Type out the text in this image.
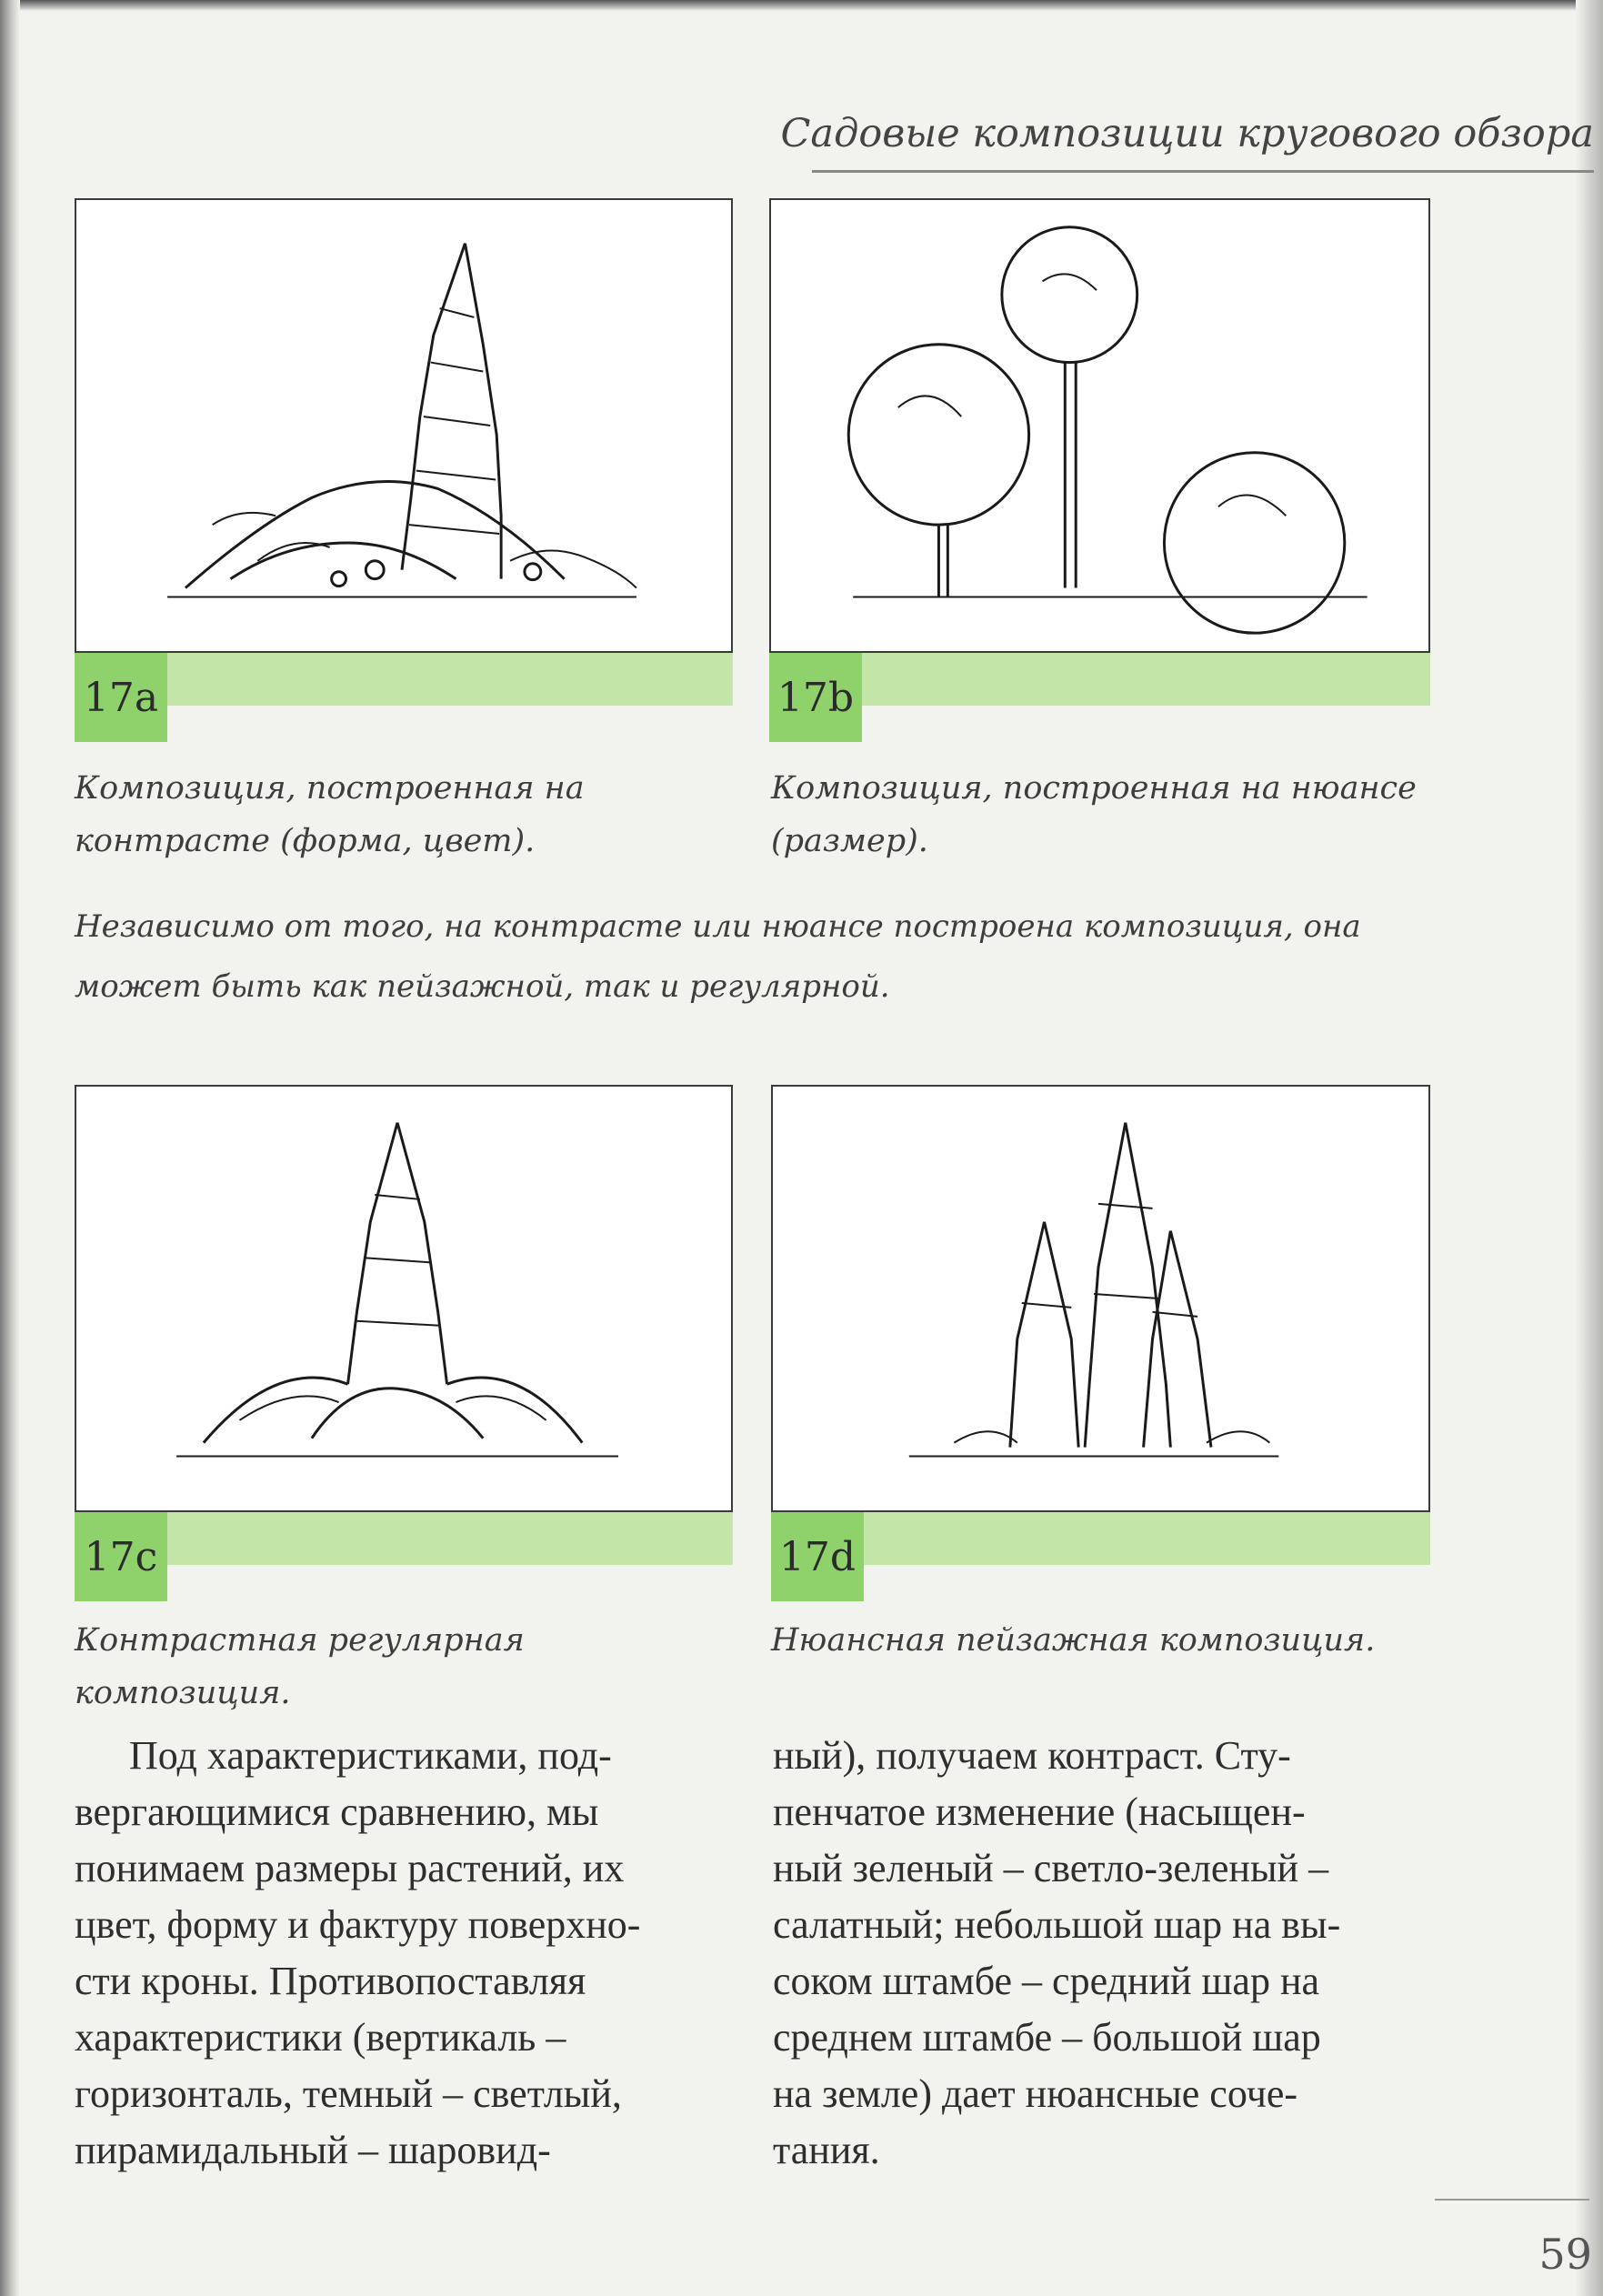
Садовые композиции кругового обзора
17a	17b
Композиция, построенная на
контрасте (форма, цвет).
Композиция, построенная на нюансе
(размер).
Независимо от того, на контрасте или нюансе построена композиция, она
может быть как пейзажной, так и регулярной.
17c	17d
Контрастная регулярная композиция.
Нюансная пейзажная композиция.
Под характеристиками, под-
вергающимися сравнению, мы
понимаем размеры растений, их
цвет, форму и фактуру поверхно-
сти кроны. Противопоставляя
характеристики (вертикаль –
горизонталь, темный – светлый,
пирамидальный – шаровид-
ный), получаем контраст. Сту-
пенчатое изменение (насыщен-
ный зеленый – светло-зеленый –
салатный; небольшой шар на вы-
соком штамбе – средний шар на
среднем штамбе – большой шар
на земле) дает нюансные соче-
тания.
59
